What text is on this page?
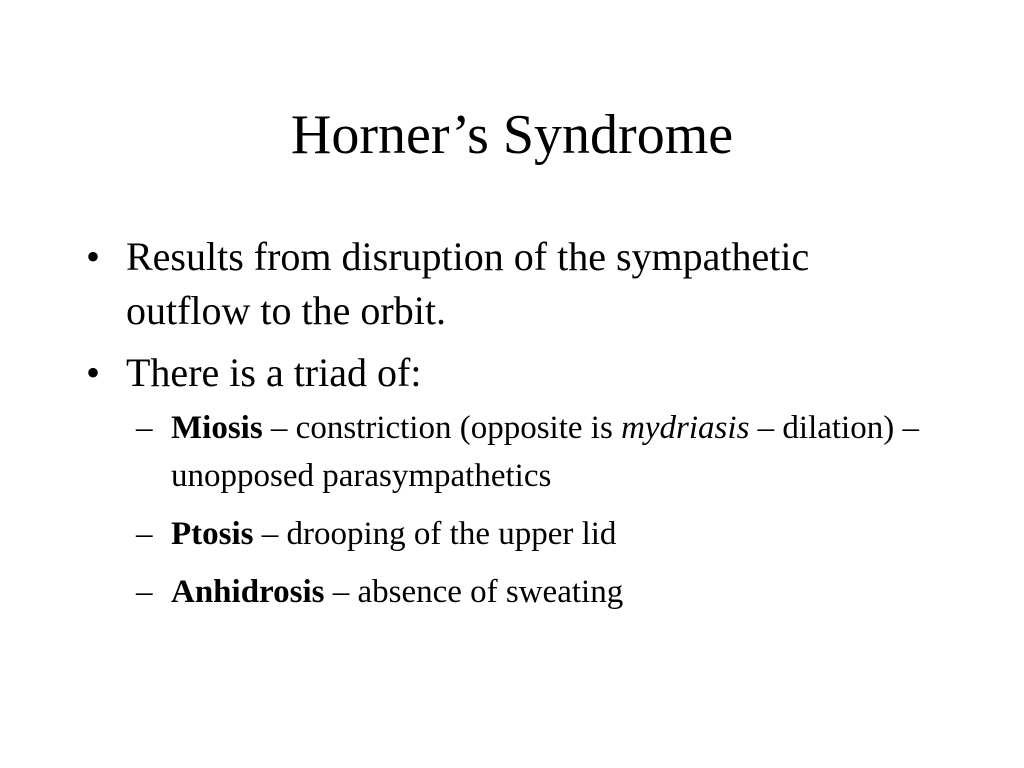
Horner’s Syndrome
• Results from disruption of the sympathetic outflow to the orbit.
• There is a triad of:
– Miosis – constriction (opposite is mydriasis – dilation) – unopposed parasympathetics
– Ptosis – drooping of the upper lid
– Anhidrosis – absence of sweating
